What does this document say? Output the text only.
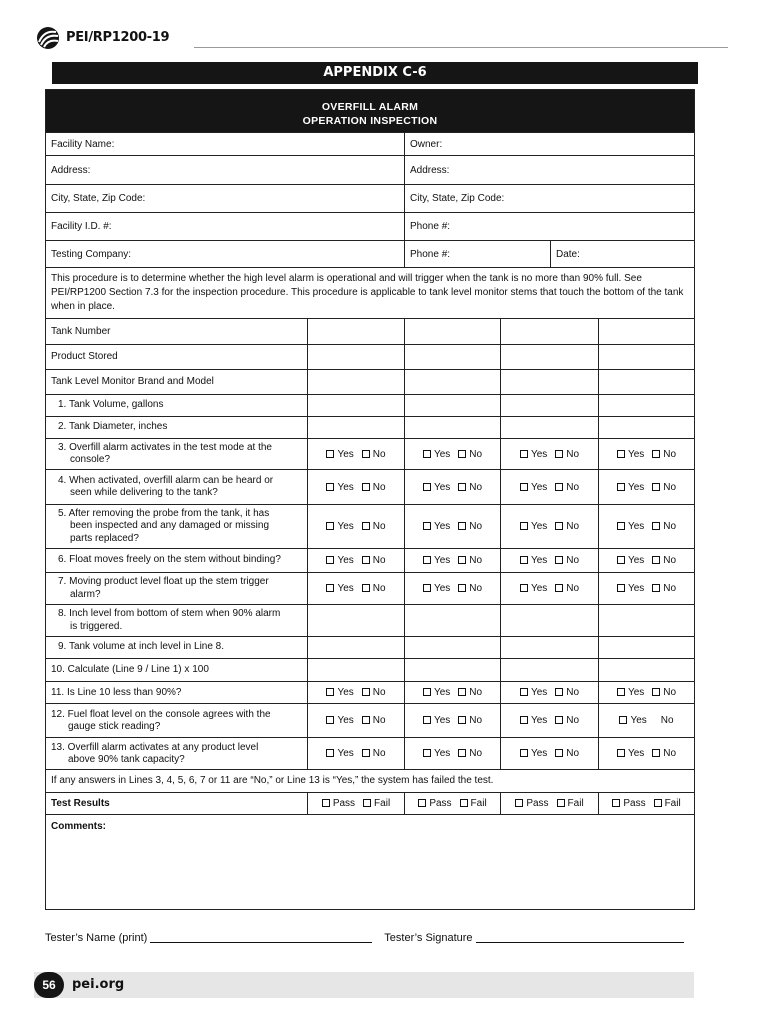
PEI/RP1200-19
APPENDIX C-6
OVERFILL ALARM
OPERATION INSPECTION					

Facility Name:		Owner:			
Address:		Address:			
City, State, Zip Code:		City, State, Zip Code:			
Facility I.D. #:		Phone #:			
Testing Company:		Phone #:		Date:	
This procedure is to determine whether the high level alarm is operational and will trigger when the tank is no more than 90% full. See PEI/RP1200 Section 7.3 for the inspection procedure. This procedure is applicable to tank level monitor stems that touch the bottom of the tank when in place.					
Tank Number					
Product Stored					
Tank Level Monitor Brand and Model					
1. Tank Volume, gallons					
2. Tank Diameter, inches					
3. Overfill alarm activates in the test mode at the
console?	Yes No	Yes No	Yes No		Yes No
4. When activated, overfill alarm can be heard or
seen while delivering to the tank?	Yes No	Yes No	Yes No		Yes No
5. After removing the probe from the tank, it has
been inspected and any damaged or missing
parts replaced?	Yes No	Yes No	Yes No		Yes No
6. Float moves freely on the stem without binding?	Yes No	Yes No	Yes No		Yes No
7. Moving product level float up the stem trigger
alarm?	Yes No	Yes No	Yes No		Yes No
8. Inch level from bottom of stem when 90% alarm
is triggered.					

9. Tank volume at inch level in Line 8.					
10. Calculate (Line 9 / Line 1) x 100					
11. Is Line 10 less than 90%?	Yes No	Yes No	Yes No		Yes No
12. Fuel float level on the console agrees with the
gauge stick reading?	Yes No	Yes No	Yes No		Yes No
13. Overfill alarm activates at any product level
above 90% tank capacity?	Yes No	Yes No	Yes No		Yes No
If any answers in Lines 3, 4, 5, 6, 7 or 11 are “No,” or Line 13 is “Yes,” the system has failed the test.					
Test Results	Pass Fail	Pass Fail	Pass Fail		Pass Fail
Comments:					
Tester’s Name (print)	Tester’s Signature
56	pei.org
